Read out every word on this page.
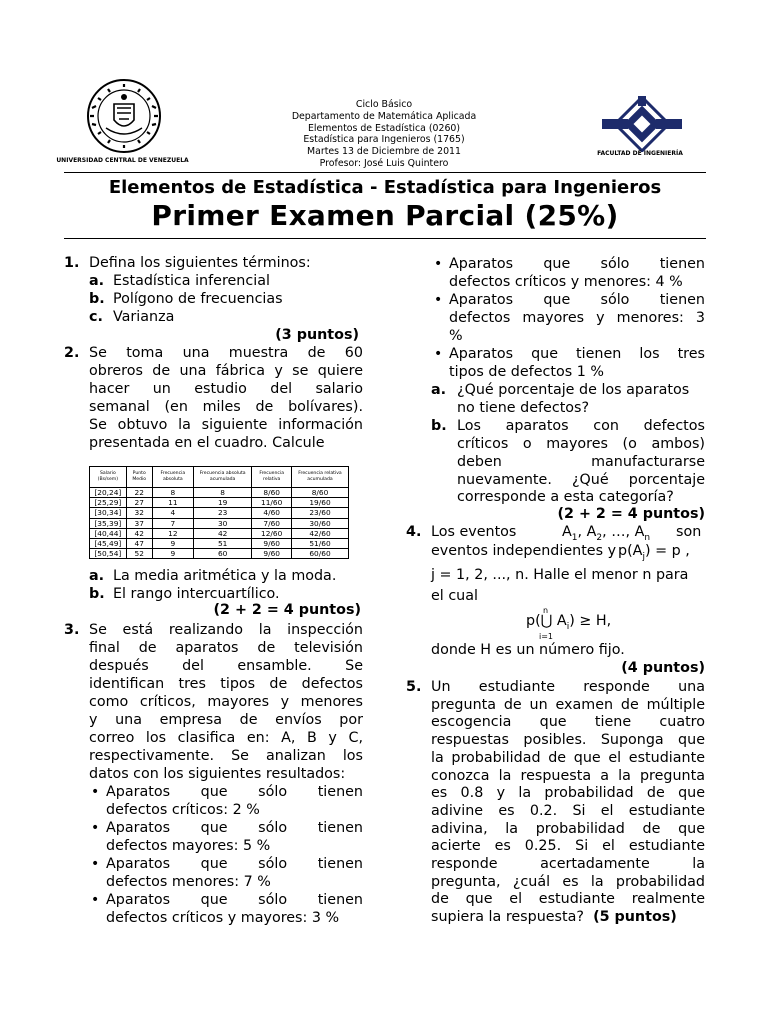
UNIVERSIDAD CENTRAL DE VENEZUELA
Ciclo Básico
Departamento de Matemática Aplicada
Elementos de Estadística (0260)
Estadística para Ingenieros (1765)
Martes 13 de Diciembre de 2011
Profesor: José Luis Quintero
FACULTAD DE INGENIERÍA
Elementos de Estadística - Estadística para Ingenieros
Primer Examen Parcial (25%)
1. Defina los siguientes términos:
a. Estadística inferencial
b. Polígono de frecuencias
c. Varianza
(3 puntos)
2. Se toma una muestra de 60
obreros de una fábrica y se quiere
hacer un estudio del salario
semanal (en miles de bolívares).
Se obtuvo la siguiente información
presentada en el cuadro. Calcule
Salario (Bs/sem)	Punto Medio	Frecuencia absoluta	Frecuencia absoluta acumulada	Frecuencia relativa	Frecuencia relativa acumulada
[20,24]	22	8	8	8/60	8/60
[25,29]	27	11	19	11/60	19/60
[30,34]	32	4	23	4/60	23/60
[35,39]	37	7	30	7/60	30/60
[40,44]	42	12	42	12/60	42/60
[45,49]	47	9	51	9/60	51/60
[50,54]	52	9	60	9/60	60/60
a. La media aritmética y la moda.
b. El rango intercuartílico.
(2 + 2 = 4 puntos)
3. Se está realizando la inspección
final de aparatos de televisión
después del ensamble. Se
identifican tres tipos de defectos
como críticos, mayores y menores
y una empresa de envíos por
correo los clasifica en: A, B y C,
respectivamente. Se analizan los
datos con los siguientes resultados:
• Aparatos que sólo tienen
defectos críticos: 2 %
• Aparatos que sólo tienen
defectos mayores: 5 %
• Aparatos que sólo tienen
defectos menores: 7 %
• Aparatos que sólo tienen
defectos críticos y mayores: 3 %
• Aparatos que sólo tienen
defectos críticos y menores: 4 %
• Aparatos que sólo tienen
defectos mayores y menores: 3
%
• Aparatos que tienen los tres
tipos de defectos 1 %
a. ¿Qué porcentaje de los aparatos
no tiene defectos?
b. Los aparatos con defectos
críticos o mayores (o ambos)
deben manufacturarse
nuevamente. ¿Qué porcentaje
corresponde a esta categoría?
(2 + 2 = 4 puntos)
4. Los eventos	$A_1$, $A_2$, …, $A_n$ son
eventos independientes y $p(A_j) = p$ ,
j = 1, 2, ..., n. Halle el menor n para
el cual
n
p(⋃ $A_i) \ge H$,
i=1
donde H es un número fijo.
(4 puntos)
5. Un estudiante responde una
pregunta de un examen de múltiple
escogencia que tiene cuatro
respuestas posibles. Suponga que
la probabilidad de que el estudiante
conozca la respuesta a la pregunta
es 0.8 y la probabilidad de que
adivine es 0.2. Si el estudiante
adivina, la probabilidad de que
acierte es 0.25. Si el estudiante
responde acertadamente la
pregunta, ¿cuál es la probabilidad
de que el estudiante realmente
supiera la respuesta? (5 puntos)
